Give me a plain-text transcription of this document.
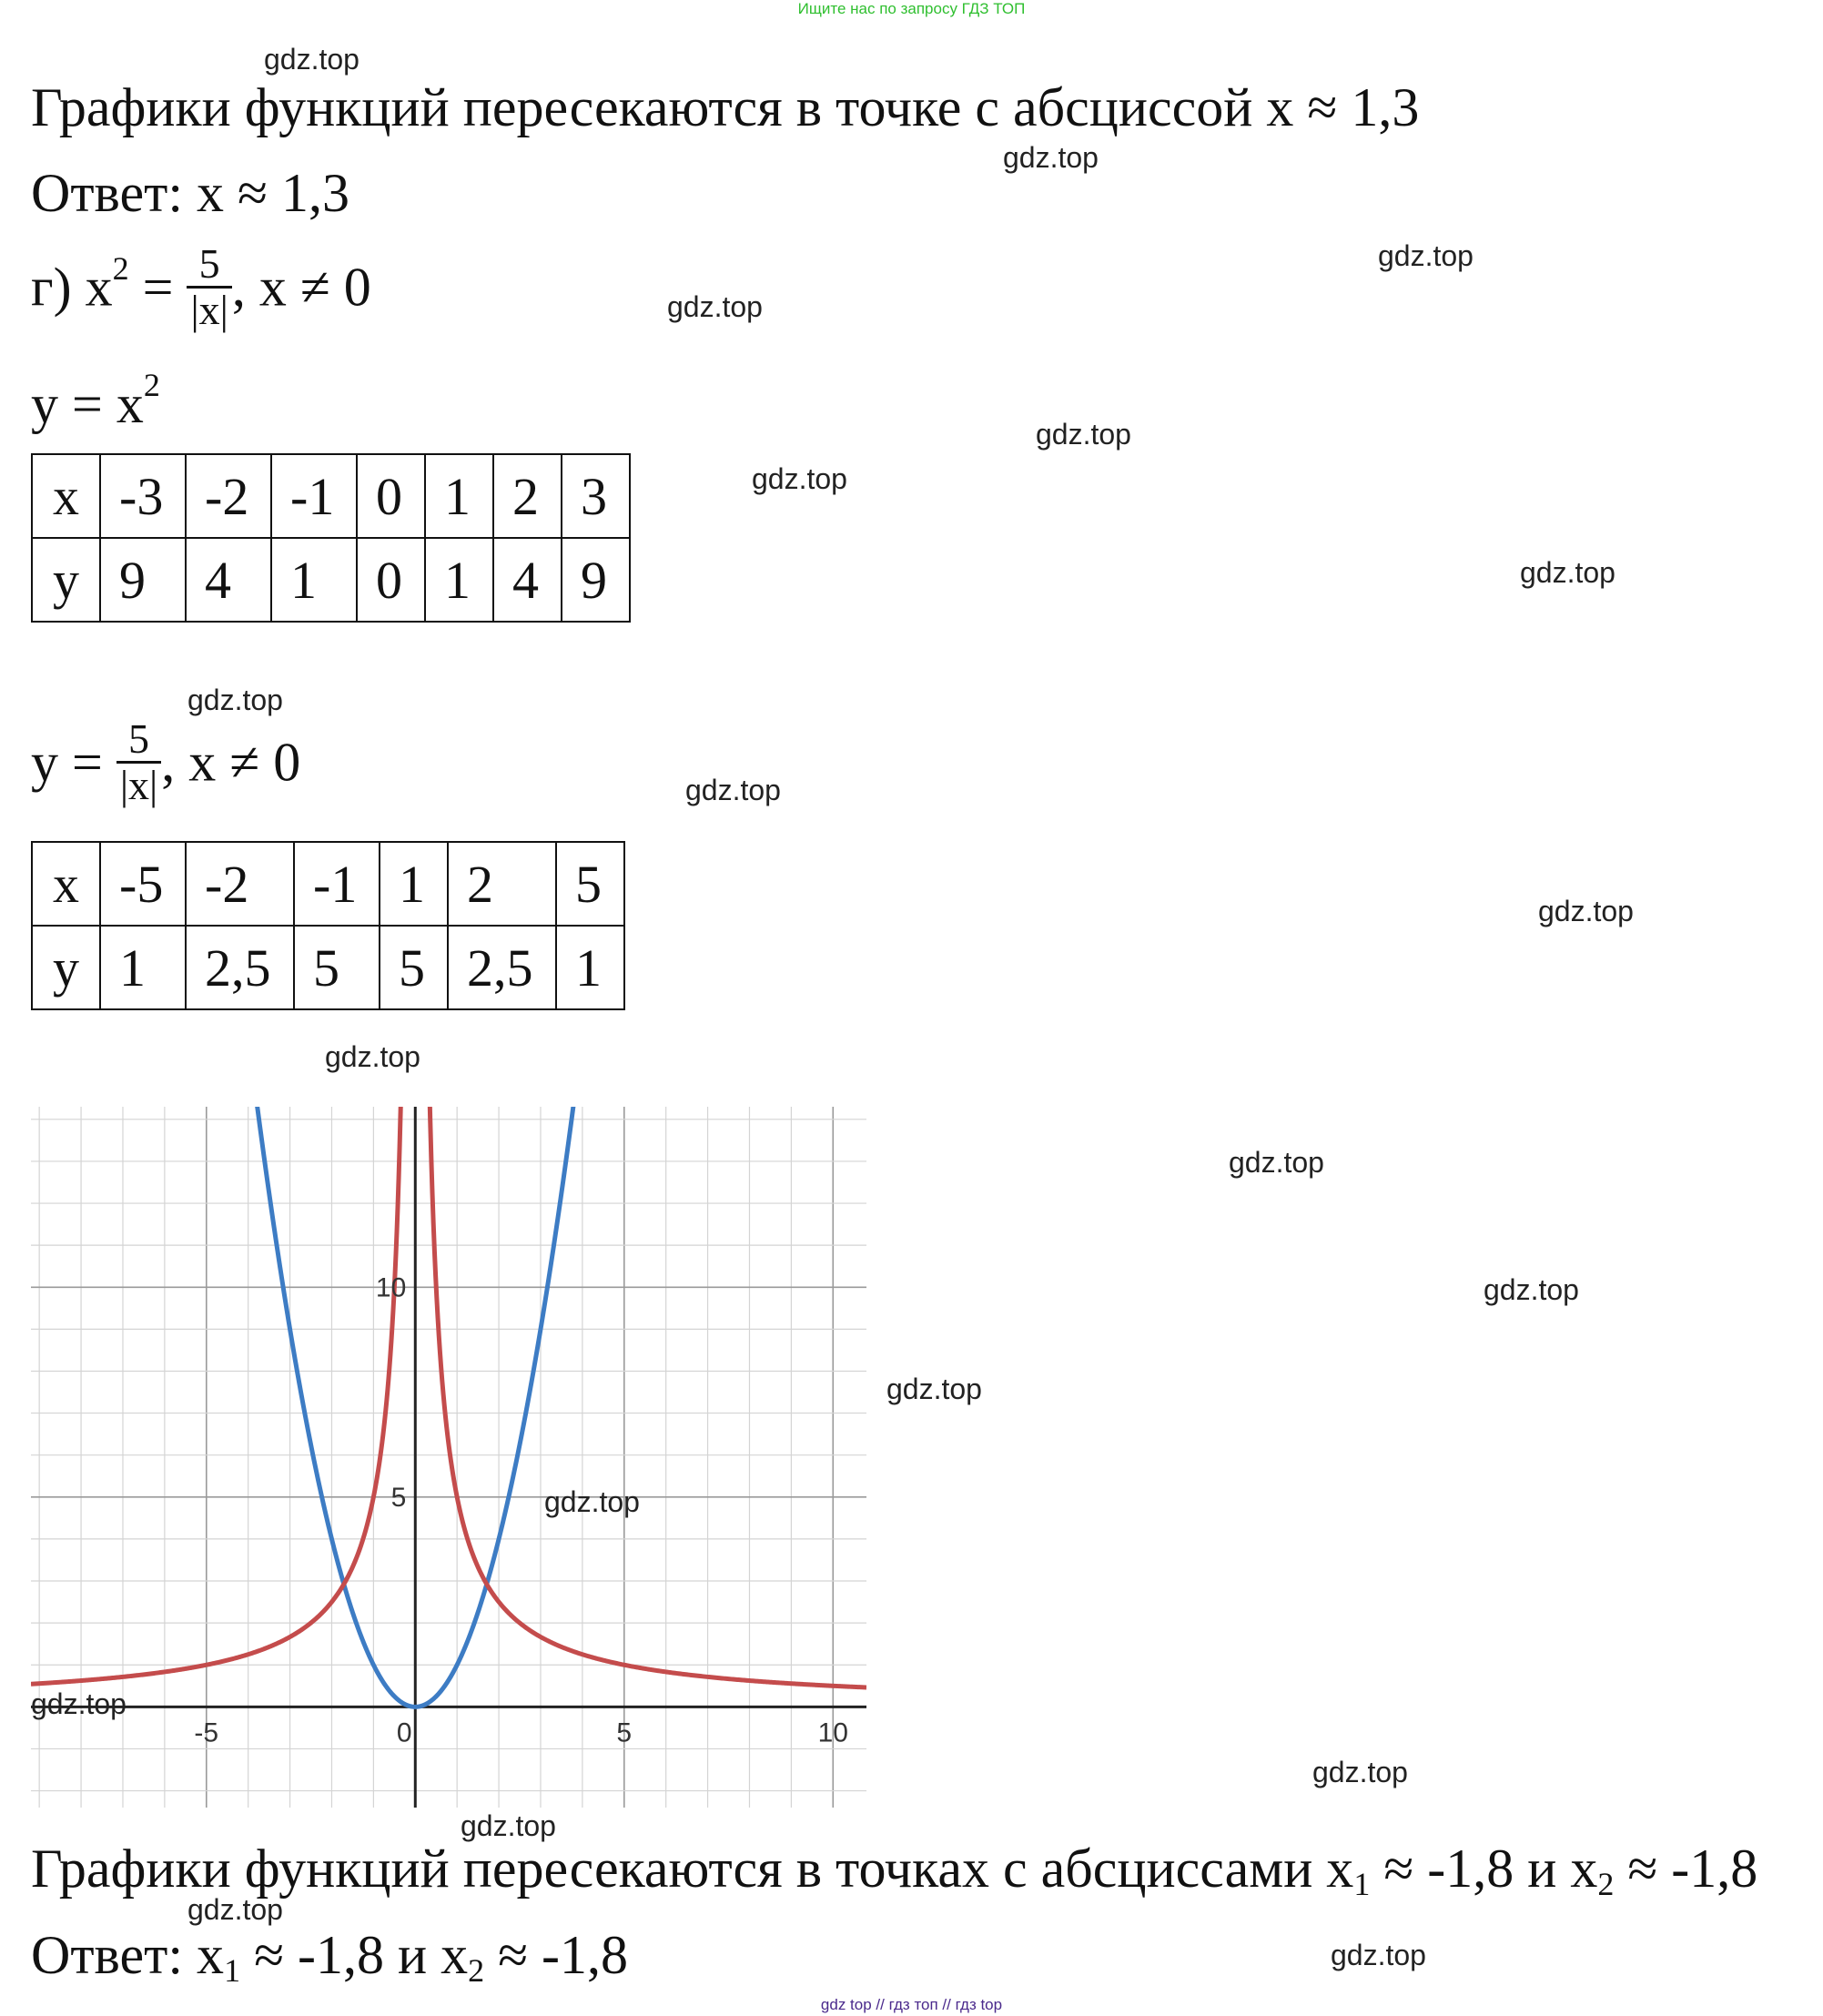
Ищите нас по запросу ГДЗ ТОП
Графики функций пересекаются в точке с абсциссой x ≈ 1,3
Ответ: x ≈ 1,3
г) $x^2 = \frac{5}{|x|}$ , x ≠ 0
$y = x^2$
x	-3	-2	-1	0	1	2	3
y	9	4	1	0	1	4	9
$y = \frac{5}{|x|}$ , x ≠ 0
x	-5	-2	-1	1	2	5
y	1	2,5	5	5	2,5	1
-5	0	5	10
5
10
Графики функций пересекаются в точках с абсциссами $x_1 \approx -1,8$ и $x_2 \approx -1,8$
Ответ: $x_1 \approx -1,8$ и $x_2 \approx -1,8$
gdz top // гдз топ // гдз top
gdz.top
gdz.top
gdz.top
gdz.top
gdz.top
gdz.top
gdz.top
gdz.top
gdz.top
gdz.top
gdz.top
gdz.top
gdz.top
gdz.top
gdz.top
gdz.top
gdz.top
gdz.top
gdz.top
gdz.top
